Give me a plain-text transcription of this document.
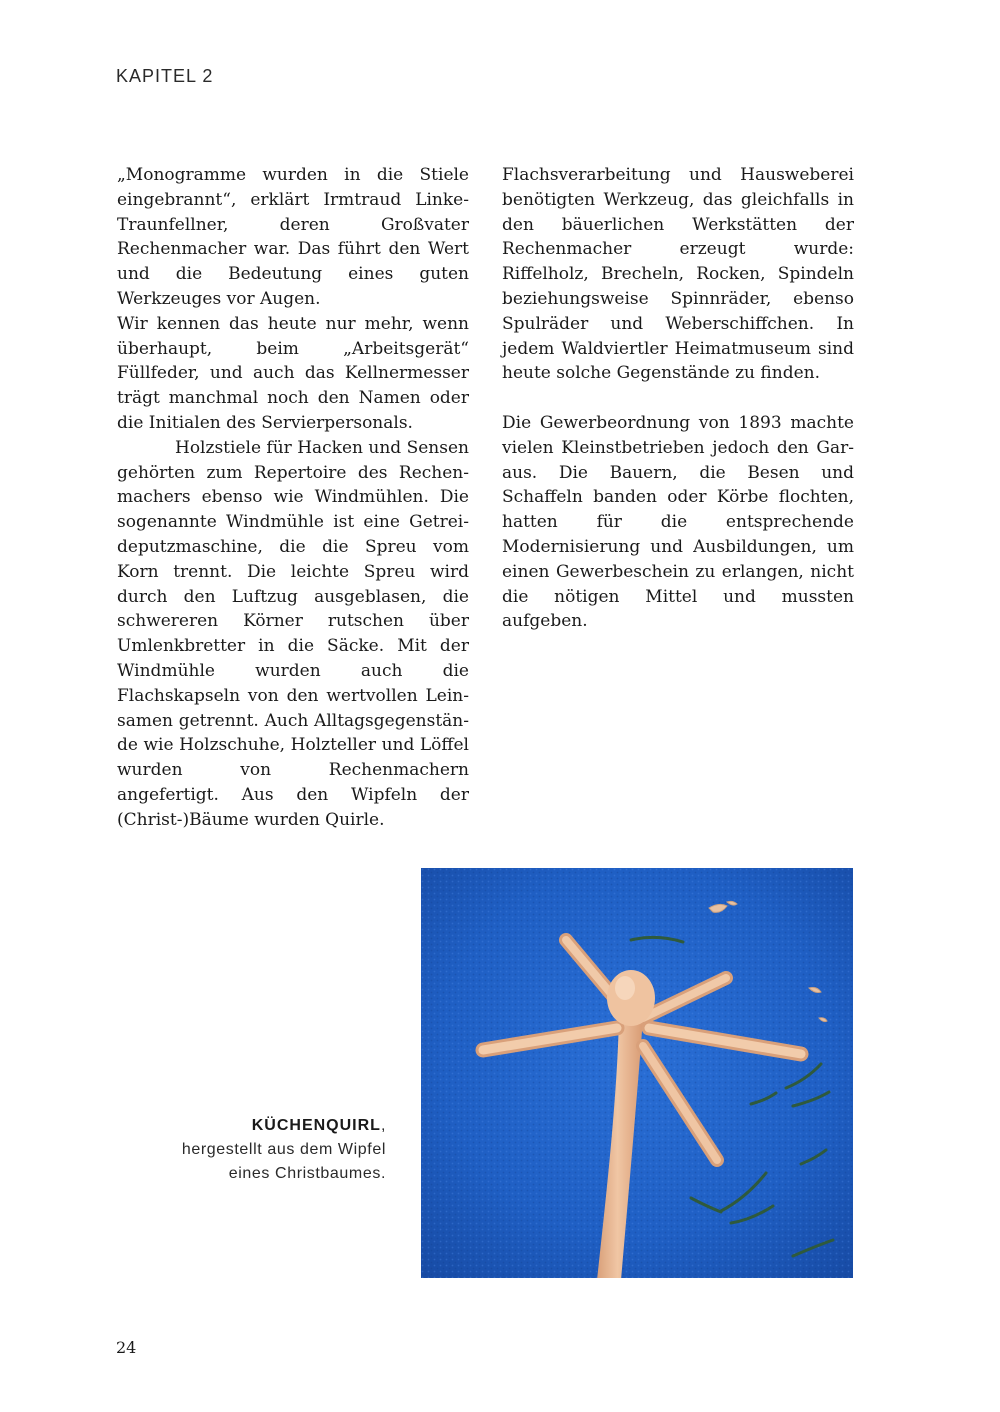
KAPITEL 2

„Monogramme wurden in die Stiele eingebrannt“, erklärt Irmtraud Linke-Traunfellner, deren Großvater Rechenmacher war. Das führt den Wert und die Bedeutung eines guten Werkzeuges vor Augen.

Wir kennen das heute nur mehr, wenn überhaupt, beim „Arbeitsgerät“ Füllfeder, und auch das Kellnermesser trägt manchmal noch den Namen oder die Initialen des Servierpersonals.

Holzstiele für Hacken und Sensen gehörten zum Repertoire des Rechenmachers ebenso wie Windmühlen. Die sogenannte Windmühle ist eine Getreideputzmaschine, die die Spreu vom Korn trennt. Die leichte Spreu wird durch den Luftzug ausgeblasen, die schwereren Körner rutschen über Umlenkbretter in die Säcke. Mit der Windmühle wurden auch die Flachskapseln von den wertvollen Leinsamen getrennt. Auch Alltagsgegenstände wie Holzschuhe, Holzteller und Löffel wurden von Rechenmachern angefertigt. Aus den Wipfeln der (Christ-)Bäume wurden Quirle.

Flachsverarbeitung und Hausweberei benötigten Werkzeug, das gleichfalls in den bäuerlichen Werkstätten der Rechenmacher erzeugt wurde: Riffelholz, Brecheln, Rocken, Spindeln beziehungsweise Spinnräder, ebenso Spulräder und Weberschiffchen. In jedem Waldviertler Heimatmuseum sind heute solche Gegenstände zu finden.

Die Gewerbeordnung von 1893 machte vielen Kleinstbetrieben jedoch den Garaus. Die Bauern, die Besen und Schaffeln banden oder Körbe flochten, hatten für die entsprechende Modernisierung und Ausbildungen, um einen Gewerbeschein zu erlangen, nicht die nötigen Mittel und mussten aufgeben.

KÜCHENQUIRL,
hergestellt aus dem Wipfel
eines Christbaumes.
24
